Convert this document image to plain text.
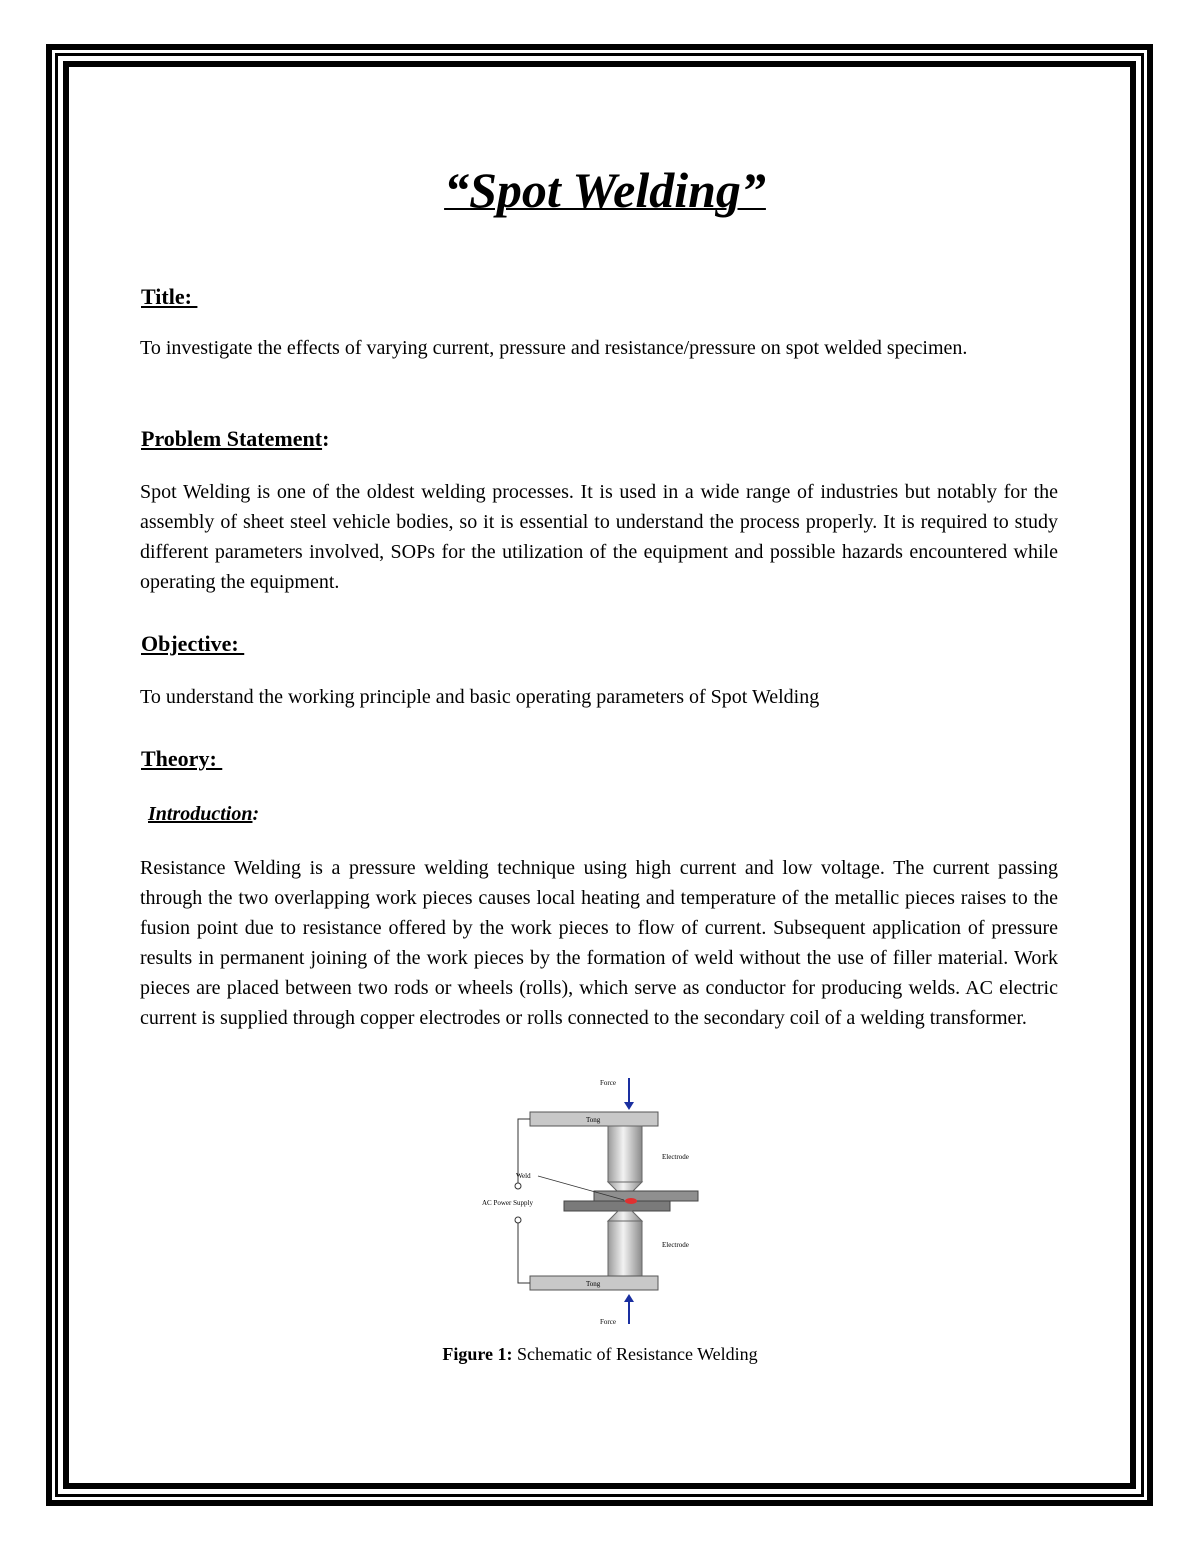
“Spot Welding”
Title:

To investigate the effects of varying current, pressure and resistance/pressure on spot welded specimen.

Problem Statement:

Spot Welding is one of the oldest welding processes. It is used in a wide range of industries but notably for the assembly of sheet steel vehicle bodies, so it is essential to understand the process properly. It is required to study different parameters involved, SOPs for the utilization of the equipment and possible hazards encountered while operating the equipment.

Objective:

To understand the working principle and basic operating parameters of Spot Welding

Theory:
Introduction:

Resistance Welding is a pressure welding technique using high current and low voltage. The current passing through the two overlapping work pieces causes local heating and temperature of the metallic pieces raises to the fusion point due to resistance offered by the work pieces to flow of current. Subsequent application of pressure results in permanent joining of the work pieces by the formation of weld without the use of filler material. Work pieces are placed between two rods or wheels (rolls), which serve as conductor for producing welds. AC electric current is supplied through copper electrodes or rolls connected to the secondary coil of a welding transformer.

Force
Tong
Electrode
Weld
Electrode
Tong
AC Power Supply
Force
Figure 1: Schematic of Resistance Welding
